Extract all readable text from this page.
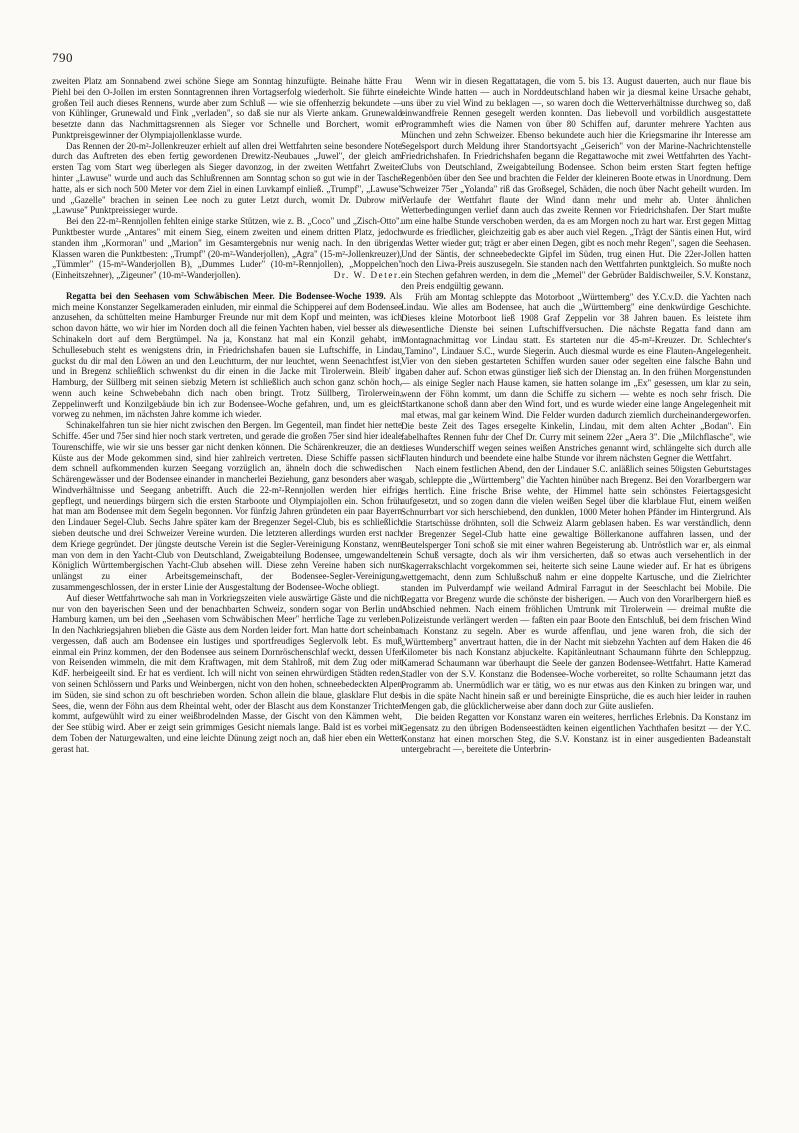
790

zweiten Platz am Sonnabend zwei schöne Siege am Sonntag hinzufügte. Beinahe hätte Frau Piehl bei den O-Jollen im ersten Sonntagrennen ihren Vortagserfolg wiederholt. Sie führte eine großen Teil auch dieses Rennens, wurde aber zum Schluß — wie sie offenherzig bekundete — von Kühlinger, Grunewald und Fink „verladen", so daß sie nur als Vierte ankam. Grunewald besetzte dann das Nachmittagsrennen als Sieger vor Schnelle und Borchert, womit er Punktpreisgewinner der Olympiajollenklasse wurde.

Das Rennen der 20-m²-Jollenkreuzer erhielt auf allen drei Wettfahrten seine besondere Note durch das Auftreten des eben fertig gewordenen Drewitz-Neubaues „Juwel", der gleich am ersten Tag vom Start weg überlegen als Sieger davonzog, in der zweiten Wettfahrt Zweiter hinter „Lawuse" wurde und auch das Schlußrennen am Sonntag schon so gut wie in der Tasche hatte, als er sich noch 500 Meter vor dem Ziel in einen Luvkampf einließ. „Trumpf", „Lawuse" und „Gazelle" brachen in seinen Lee noch zu guter Letzt durch, womit Dr. Dubrow mit „Lawuse" Punktpreissieger wurde.

Bei den 22-m²-Rennjollen fehlten einige starke Stützen, wie z. B. „Coco" und „Zisch-Otto". Punktbester wurde „Antares" mit einem Sieg, einem zweiten und einem dritten Platz, jedoch standen ihm „Kormoran" und „Marion" im Gesamtergebnis nur wenig nach. In den übrigen Klassen waren die Punktbesten: „Trumpf" (20-m²-Wanderjollen), „Agra" (15-m²-Jollenkreuzer), „Tümmler" (15-m²-Wanderjollen B), „Dummes Luder" (10-m²-Rennjollen), „Moppelchen" (Einheitszehner), „Zigeuner" (10-m²-Wanderjollen).	Dr. W. Deter.

Regatta bei den Seehasen vom Schwäbischen Meer. Die Bodensee-Woche 1939. Als mich meine Konstanzer Segelkameraden einluden, mir einmal die Schipperei auf dem Bodensee anzusehen, da schüttelten meine Hamburger Freunde nur mit dem Kopf und meinten, was ich schon davon hätte, wo wir hier im Norden doch all die feinen Yachten haben, viel besser als die Schinakeln dort auf dem Bergtümpel. Na ja, Konstanz hat mal ein Konzil gehabt, im Schullesebuch steht es wenigstens drin, in Friedrichshafen bauen sie Luftschiffe, in Lindau guckst du dir mal den Löwen an und den Leuchtturm, der nur leuchtet, wenn Seenachtfest ist, und in Bregenz schließlich schwenkst du dir einen in die Jacke mit Tirolerwein. Bleib' in Hamburg, der Süllberg mit seinen siebzig Metern ist schließlich auch schon ganz schön hoch, wenn auch keine Schwebebahn dich nach oben bringt. Trotz Süllberg, Tirolerwein, Zeppelinwerft und Konzilgebäude bin ich zur Bodensee-Woche gefahren, und, um es gleich vorweg zu nehmen, im nächsten Jahre komme ich wieder.

Schinakelfahren tun sie hier nicht zwischen den Bergen. Im Gegenteil, man findet hier nette Schiffe. 45er und 75er sind hier noch stark vertreten, und gerade die großen 75er sind hier ideale Tourenschiffe, wie wir sie uns besser gar nicht denken können. Die Schärenkreuzer, die an der Küste aus der Mode gekommen sind, sind hier zahlreich vertreten. Diese Schiffe passen sich dem schnell aufkommenden kurzen Seegang vorzüglich an, ähneln doch die schwedischen Schärengewässer und der Bodensee einander in mancherlei Beziehung, ganz besonders aber was Windverhältnisse und Seegang anbetrifft. Auch die 22-m²-Rennjollen werden hier eifrig gepflegt, und neuerdings bürgern sich die ersten Starboote und Olympiajollen ein. Schon früh hat man am Bodensee mit dem Segeln begonnen. Vor fünfzig Jahren gründeten ein paar Bayern den Lindauer Segel-Club. Sechs Jahre später kam der Bregenzer Segel-Club, bis es schließlich sieben deutsche und drei Schweizer Vereine wurden. Die letzteren allerdings wurden erst nach dem Kriege gegründet. Der jüngste deutsche Verein ist die Segler-Vereinigung Konstanz, wenn man von dem in den Yacht-Club von Deutschland, Zweigabteilung Bodensee, umgewandelten Königlich Württembergischen Yacht-Club absehen will. Diese zehn Vereine haben sich nun unlängst zu einer Arbeitsgemeinschaft, der Bodensee-Segler-Vereinigung, zusammengeschlossen, der in erster Linie der Ausgestaltung der Bodensee-Woche obliegt.

Auf dieser Wettfahrtwoche sah man in Vorkriegszeiten viele auswärtige Gäste und die nicht nur von den bayerischen Seen und der benachbarten Schweiz, sondern sogar von Berlin und Hamburg kamen, um bei den „Seehasen vom Schwäbischen Meer" herrliche Tage zu verleben. In den Nachkriegsjahren blieben die Gäste aus dem Norden leider fort. Man hatte dort scheinbar vergessen, daß auch am Bodensee ein lustiges und sportfreudiges Seglervolk lebt. Es muß einmal ein Prinz kommen, der den Bodensee aus seinem Dornröschenschlaf weckt, dessen Ufer von Reisenden wimmeln, die mit dem Kraftwagen, mit dem Stahlroß, mit dem Zug oder mit KdF. herbeigeeilt sind. Er hat es verdient. Ich will nicht von seinen ehrwürdigen Städten reden, von seinen Schlössern und Parks und Weinbergen, nicht von den hohen, schneebedeckten Alpen im Süden, sie sind schon zu oft beschrieben worden. Schon allein die blaue, glasklare Flut des Sees, die, wenn der Föhn aus dem Rheintal weht, oder der Blascht aus dem Konstanzer Trichter kommt, aufgewühlt wird zu einer weißbrodelnden Masse, der Gischt von den Kämmen weht, der See stübig wird. Aber er zeigt sein grimmiges Gesicht niemals lange. Bald ist es vorbei mit dem Toben der Naturgewalten, und eine leichte Dünung zeigt noch an, daß hier eben ein Wetter gerast hat.

Wenn wir in diesen Regattatagen, die vom 5. bis 13. August dauerten, auch nur flaue bis leichte Winde hatten — auch in Norddeutschland haben wir ja diesmal keine Ursache gehabt, uns über zu viel Wind zu beklagen —, so waren doch die Wetterverhältnisse durchweg so, daß einwandfreie Rennen gesegelt werden konnten. Das liebevoll und vorbildlich ausgestattete Programmheft wies die Namen von über 80 Schiffen auf, darunter mehrere Yachten aus München und zehn Schweizer. Ebenso bekundete auch hier die Kriegsmarine ihr Interesse am Segelsport durch Meldung ihrer Standortsyacht „Geiserich" von der Marine-Nachrichtenstelle Friedrichshafen. In Friedrichshafen begann die Regattawoche mit zwei Wettfahrten des Yacht-Clubs von Deutschland, Zweigabteilung Bodensee. Schon beim ersten Start fegten heftige Regenböen über den See und brachten die Felder der kleineren Boote etwas in Unordnung. Dem Schweizer 75er „Yolanda" riß das Großsegel, Schäden, die noch über Nacht geheilt wurden. Im Verlaufe der Wettfahrt flaute der Wind dann mehr und mehr ab. Unter ähnlichen Wetterbedingungen verlief dann auch das zweite Rennen vor Friedrichshafen. Der Start mußte um eine halbe Stunde verschoben werden, da es am Morgen noch zu hart war. Erst gegen Mittag wurde es friedlicher, gleichzeitig gab es aber auch viel Regen. „Trägt der Säntis einen Hut, wird das Wetter wieder gut; trägt er aber einen Degen, gibt es noch mehr Regen", sagen die Seehasen. Und der Säntis, der schneebedeckte Gipfel im Süden, trug einen Hut. Die 22er-Jollen hatten noch den Liwa-Preis auszusegeln. Sie standen nach den Wettfahrten punktgleich. So mußte noch ein Stechen gefahren werden, in dem die „Memel" der Gebrüder Baldischweiler, S.V. Konstanz, den Preis endgültig gewann.

Früh am Montag schleppte das Motorboot „Württemberg" des Y.C.v.D. die Yachten nach Lindau. Wie alles am Bodensee, hat auch die „Württemberg" eine denkwürdige Geschichte. Dieses kleine Motorboot ließ 1908 Graf Zeppelin vor 38 Jahren bauen. Es leistete ihm wesentliche Dienste bei seinen Luftschiffversuchen. Die nächste Regatta fand dann am Montagnachmittag vor Lindau statt. Es starteten nur die 45-m²-Kreuzer. Dr. Schlechter's „Tamino", Lindauer S.C., wurde Siegerin. Auch diesmal wurde es eine Flauten-Angelegenheit. Vier von den sieben gestarteten Schiffen wurden sauer oder segelten eine falsche Bahn und gaben daher auf. Schon etwas günstiger ließ sich der Dienstag an. In den frühen Morgenstunden — als einige Segler nach Hause kamen, sie hatten solange im „Ex" gesessen, um klar zu sein, wenn der Föhn kommt, um dann die Schiffe zu sichern — wehte es noch sehr frisch. Die Startkanone schoß dann aber den Wind fort, und es wurde wieder eine lange Angelegenheit mit mal etwas, mal gar keinem Wind. Die Felder wurden dadurch ziemlich durcheinandergeworfen. Die beste Zeit des Tages ersegelte Kinkelin, Lindau, mit dem alten Achter „Bodan". Ein fabelhaftes Rennen fuhr der Chef Dr. Curry mit seinem 22er „Aera 3". Die „Milchflasche", wie dieses Wunderschiff wegen seines weißen Anstriches genannt wird, schlängelte sich durch alle Flauten hindurch und beendete eine halbe Stunde vor ihrem nächsten Gegner die Wettfahrt.

Nach einem festlichen Abend, den der Lindauer S.C. anläßlich seines 50igsten Geburtstages gab, schleppte die „Württemberg" die Yachten hinüber nach Bregenz. Bei den Vorarlbergern war es herrlich. Eine frische Brise wehte, der Himmel hatte sein schönstes Feiertagsgesicht aufgesetzt, und so zogen dann die vielen weißen Segel über die klarblaue Flut, einem weißen Schnurrbart vor sich herschiebend, den dunklen, 1000 Meter hohen Pfänder im Hintergrund. Als die Startschüsse dröhnten, soll die Schweiz Alarm geblasen haben. Es war verständlich, denn der Bregenzer Segel-Club hatte eine gewaltige Böllerkanone auffahren lassen, und der Beutelsperger Toni schoß sie mit einer wahren Begeisterung ab. Untröstlich war er, als einmal ein Schuß versagte, doch als wir ihm versicherten, daß so etwas auch versehentlich in der Skagerrakschlacht vorgekommen sei, heiterte sich seine Laune wieder auf. Er hat es übrigens wettgemacht, denn zum Schlußschuß nahm er eine doppelte Kartusche, und die Zielrichter standen im Pulverdampf wie weiland Admiral Farragut in der Seeschlacht bei Mobile. Die Regatta vor Bregenz wurde die schönste der bisherigen. — Auch von den Vorarlbergern hieß es Abschied nehmen. Nach einem fröhlichen Umtrunk mit Tirolerwein — dreimal mußte die Polizeistunde verlängert werden — faßten ein paar Boote den Entschluß, bei dem frischen Wind nach Konstanz zu segeln. Aber es wurde affenflau, und jene waren froh, die sich der „Württemberg" anvertraut hatten, die in der Nacht mit siebzehn Yachten auf dem Haken die 46 Kilometer bis nach Konstanz abjuckelte. Kapitänleutnant Schaumann führte den Schleppzug. Kamerad Schaumann war überhaupt die Seele der ganzen Bodensee-Wettfahrt. Hatte Kamerad Stadler von der S.V. Konstanz die Bodensee-Woche vorbereitet, so rollte Schaumann jetzt das Programm ab. Unermüdlich war er tätig, wo es nur etwas aus den Kinken zu bringen war, und bis in die späte Nacht hinein saß er und bereinigte Einsprüche, die es auch hier leider in rauhen Mengen gab, die glücklicherweise aber dann doch zur Güte ausliefen.

Die beiden Regatten vor Konstanz waren ein weiteres, herrliches Erlebnis. Da Konstanz im Gegensatz zu den übrigen Bodenseestädten keinen eigentlichen Yachthafen besitzt — der Y.C. Konstanz hat einen morschen Steg, die S.V. Konstanz ist in einer ausgedienten Badeanstalt untergebracht —, bereitete die Unterbrin-
